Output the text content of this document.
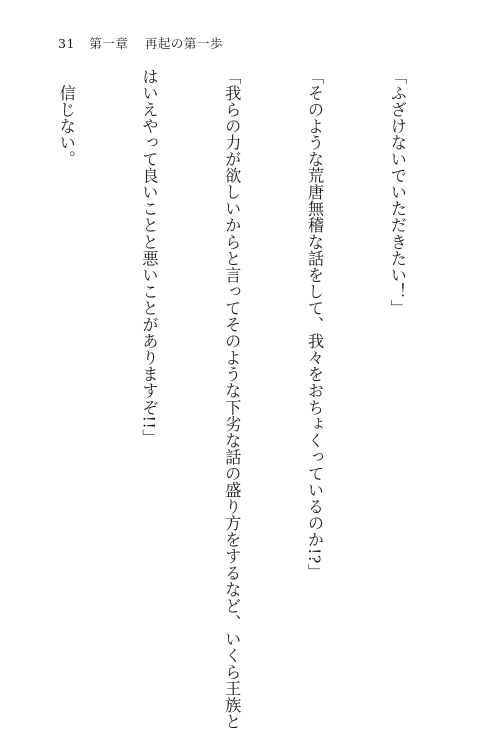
31 第一章 再起の第一歩

「ふざけないでいただきたい！」

「そのような荒唐無稽な話をして、我々をおちょくっているのか!?」

「我らの力が欲しいからと言ってそのような下劣な話の盛り方をするなど、いくら王族と

はいえやって良いことと悪いことがありますぞ!!」

　信じない。
